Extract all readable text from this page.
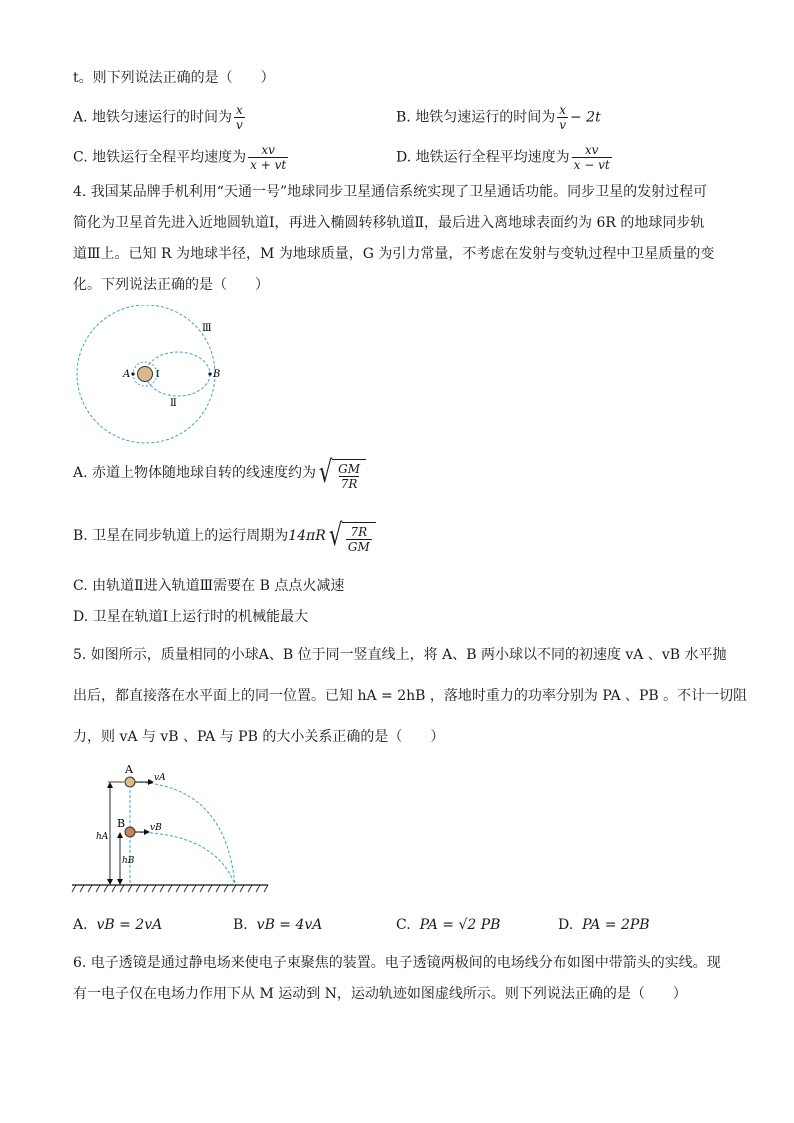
t。则下列说法正确的是（　　）
A. 地铁匀速运行的时间为 $\frac{x}{v}$	B. 地铁匀速运行的时间为 $\frac{x}{v} - 2t$
C. 地铁运行全程平均速度为 $\frac{xv}{x + vt}$	D. 地铁运行全程平均速度为 $\frac{xv}{x - vt}$
4. 我国某品牌手机利用“天通一号”地球同步卫星通信系统实现了卫星通话功能。同步卫星的发射过程可
简化为卫星首先进入近地圆轨道Ⅰ，再进入椭圆转移轨道Ⅱ，最后进入离地球表面约为 6R 的地球同步轨
道Ⅲ上。已知 R 为地球半径，M 为地球质量，G 为引力常量，不考虑在发射与变轨过程中卫星质量的变
化。下列说法正确的是（　　）
Ⅲ
Ⅱ
Ⅰ
A	B
A. 赤道上物体随地球自转的线速度约为 √ $\frac{GM}{7R}$
B. 卫星在同步轨道上的运行周期为14πR √ $\frac{7R}{GM}$
C. 由轨道Ⅱ进入轨道Ⅲ需要在 B 点点火减速
D. 卫星在轨道Ⅰ上运行时的机械能最大
5. 如图所示，质量相同的小球A、B 位于同一竖直线上，将 A、B 两小球以不同的初速度 vA 、vB 水平抛
出后，都直接落在水平面上的同一位置。已知 hA = 2hB ，落地时重力的功率分别为 PA 、PB 。不计一切阻
力，则 vA 与 vB 、PA 与 PB 的大小关系正确的是（　　）
A
B
vA
vB
hA
hB
A. vB = 2vA	B. vB = 4vA	C. PA = √2 PB	D. PA = 2PB
6. 电子透镜是通过静电场来使电子束聚焦的装置。电子透镜两极间的电场线分布如图中带箭头的实线。现
有一电子仅在电场力作用下从 M 运动到 N，运动轨迹如图虚线所示。则下列说法正确的是（　　）
